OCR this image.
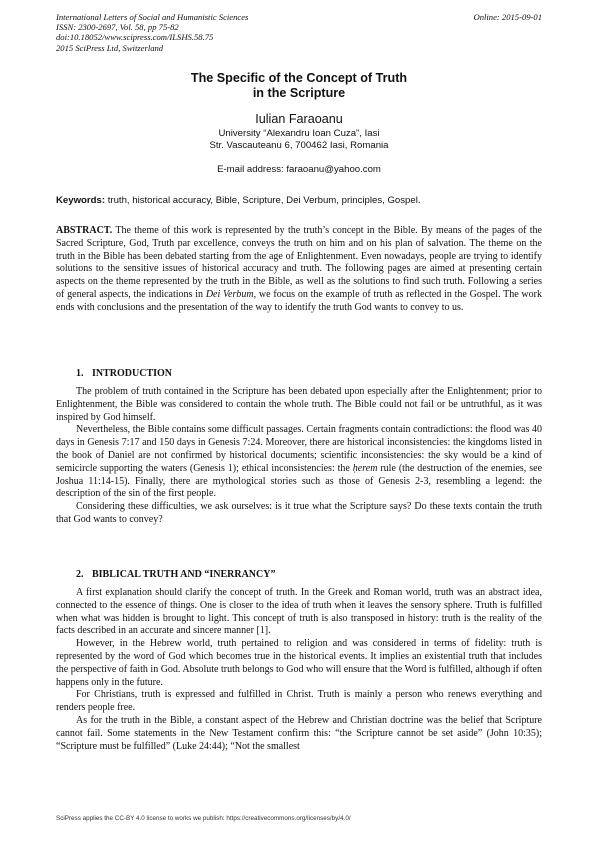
International Letters of Social and Humanistic Sciences
ISSN: 2300-2697, Vol. 58, pp 75-82
doi:10.18052/www.scipress.com/ILSHS.58.75
2015 SciPress Ltd, Switzerland
Online: 2015-09-01
The Specific of the Concept of Truth
in the Scripture
Iulian Faraoanu
University “Alexandru Ioan Cuza”, Iasi
Str. Vascauteanu 6, 700462 Iasi, Romania
E-mail address: faraoanu@yahoo.com
Keywords: truth, historical accuracy, Bible, Scripture, Dei Verbum, principles, Gospel.

ABSTRACT. The theme of this work is represented by the truth’s concept in the Bible. By means of the pages of the Sacred Scripture, God, Truth par excellence, conveys the truth on him and on his plan of salvation. The theme on the truth in the Bible has been debated starting from the age of Enlightenment. Even nowadays, people are trying to identify solutions to the sensitive issues of historical accuracy and truth. The following pages are aimed at presenting certain aspects on the theme represented by the truth in the Bible, as well as the solutions to find such truth. Following a series of general aspects, the indications in Dei Verbum, we focus on the example of truth as reflected in the Gospel. The work ends with conclusions and the presentation of the way to identify the truth God wants to convey to us.

1. INTRODUCTION

The problem of truth contained in the Scripture has been debated upon especially after the Enlightenment; prior to Enlightenment, the Bible was considered to contain the whole truth. The Bible could not fail or be untruthful, as it was inspired by God himself.

Nevertheless, the Bible contains some difficult passages. Certain fragments contain contradictions: the flood was 40 days in Genesis 7:17 and 150 days in Genesis 7:24. Moreover, there are historical inconsistencies: the kingdoms listed in the book of Daniel are not confirmed by historical documents; scientific inconsistencies: the sky would be a kind of semicircle supporting the waters (Genesis 1); ethical inconsistencies: the ḥerem rule (the destruction of the enemies, see Joshua 11:14-15). Finally, there are mythological stories such as those of Genesis 2-3, resembling a legend: the description of the sin of the first people.

Considering these difficulties, we ask ourselves: is it true what the Scripture says? Do these texts contain the truth that God wants to convey?

2. BIBLICAL TRUTH AND “INERRANCY”

A first explanation should clarify the concept of truth. In the Greek and Roman world, truth was an abstract idea, connected to the essence of things. One is closer to the idea of truth when it leaves the sensory sphere. Truth is fulfilled when what was hidden is brought to light. This concept of truth is also transposed in history: truth is the reality of the facts described in an accurate and sincere manner [1].

However, in the Hebrew world, truth pertained to religion and was considered in terms of fidelity: truth is represented by the word of God which becomes true in the historical events. It implies an existential truth that includes the perspective of faith in God. Absolute truth belongs to God who will ensure that the Word is fulfilled, although if often happens only in the future.

For Christians, truth is expressed and fulfilled in Christ. Truth is mainly a person who renews everything and renders people free.

As for the truth in the Bible, a constant aspect of the Hebrew and Christian doctrine was the belief that Scripture cannot fail. Some statements in the New Testament confirm this: “the Scripture cannot be set aside” (John 10:35); “Scripture must be fulfilled” (Luke 24:44); “Not the smallest

SciPress applies the CC-BY 4.0 license to works we publish: https://creativecommons.org/licenses/by/4.0/
